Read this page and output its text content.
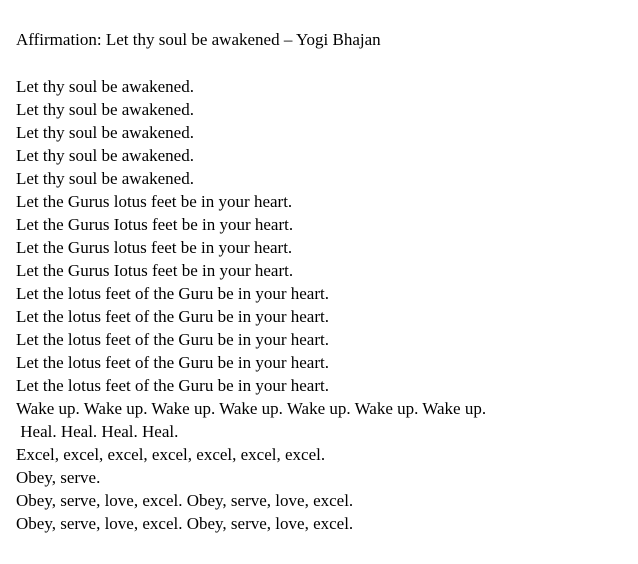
Affirmation: Let thy soul be awakened – Yogi Bhajan
Let thy soul be awakened.
Let thy soul be awakened.
Let thy soul be awakened.
Let thy soul be awakened.
Let thy soul be awakened.
Let the Gurus lotus feet be in your heart.
Let the Gurus Iotus feet be in your heart.
Let the Gurus lotus feet be in your heart.
Let the Gurus Iotus feet be in your heart.
Let the lotus feet of the Guru be in your heart.
Let the lotus feet of the Guru be in your heart.
Let the lotus feet of the Guru be in your heart.
Let the lotus feet of the Guru be in your heart.
Let the lotus feet of the Guru be in your heart.
Wake up. Wake up. Wake up. Wake up. Wake up. Wake up. Wake up.
Heal. Heal. Heal. Heal.
Excel, excel, excel, excel, excel, excel, excel.
Obey, serve.
Obey, serve, love, excel. Obey, serve, love, excel.
Obey, serve, love, excel. Obey, serve, love, excel.
